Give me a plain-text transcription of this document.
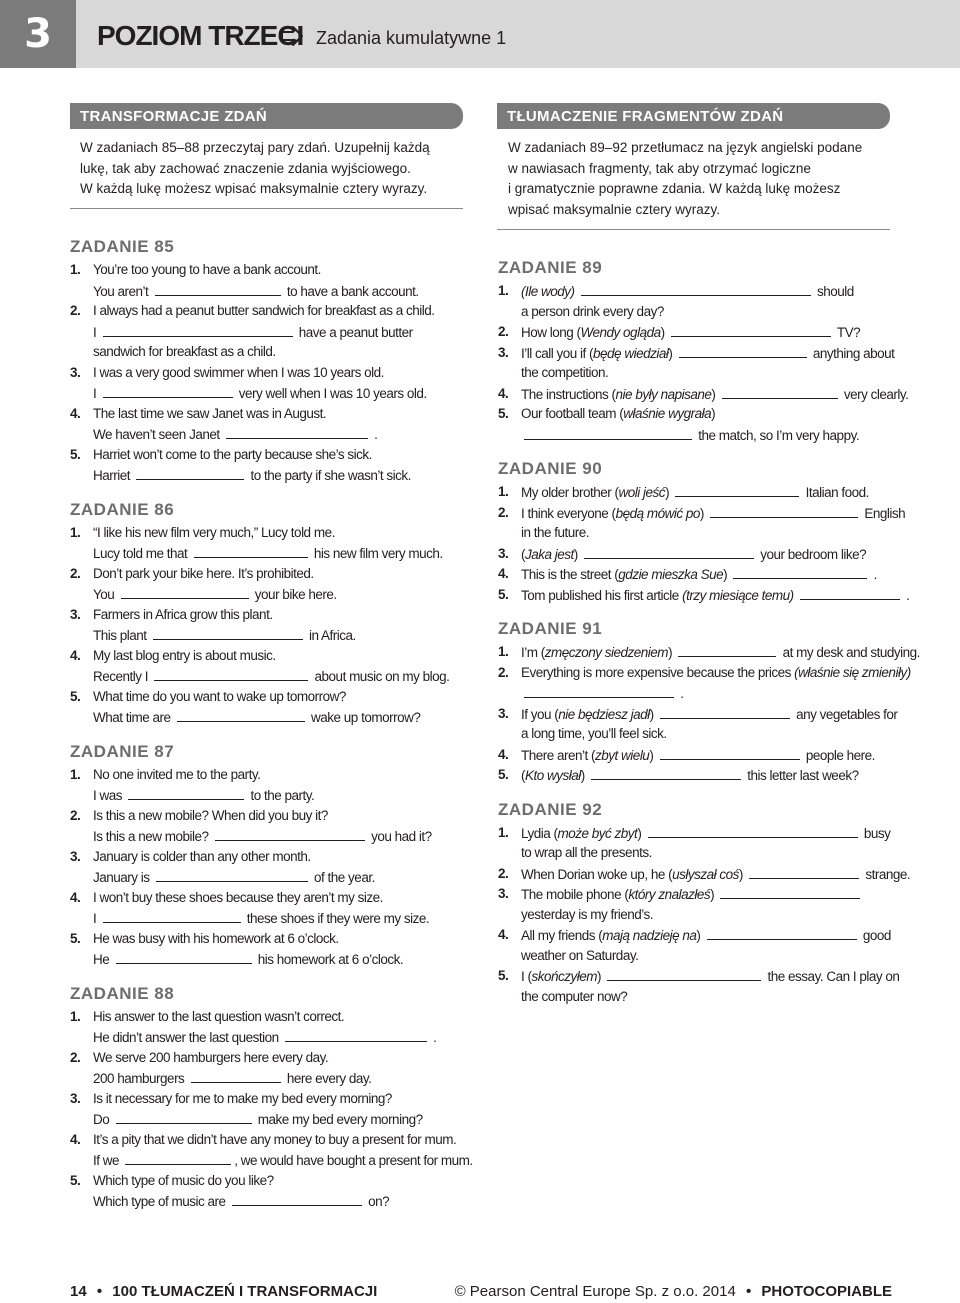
3	POZIOM TRZECI Zadania kumulatywne 1
TRANSFORMACJE ZDAŃ
W zadaniach 85–88 przeczytaj pary zdań. Uzupełnij każdą
lukę, tak aby zachować znaczenie zdania wyjściowego.
W każdą lukę możesz wpisać maksymalnie cztery wyrazy.
TŁUMACZENIE FRAGMENTÓW ZDAŃ
W zadaniach 89–92 przetłumacz na język angielski podane
w nawiasach fragmenty, tak aby otrzymać logiczne
i gramatycznie poprawne zdania. W każdą lukę możesz
wpisać maksymalnie cztery wyrazy.
ZADANIE 85
1. You’re too young to have a bank account.
You aren’t	to have a bank account.
2. I always had a peanut butter sandwich for breakfast as a child.
I	have a peanut butter
sandwich for breakfast as a child.
3. I was a very good swimmer when I was 10 years old.
I	very well when I was 10 years old.
4. The last time we saw Janet was in August.
We haven’t seen Janet	.
5. Harriet won’t come to the party because she’s sick.
Harriet	to the party if she wasn’t sick.
ZADANIE 86
1. “I like his new film very much,” Lucy told me.
Lucy told me that	his new film very much.
2. Don’t park your bike here. It’s prohibited.
You	your bike here.
3. Farmers in Africa grow this plant.
This plant	in Africa.
4. My last blog entry is about music.
Recently I	about music on my blog.
5. What time do you want to wake up tomorrow?
What time are	wake up tomorrow?
ZADANIE 87
1. No one invited me to the party.
I was	to the party.
2. Is this a new mobile? When did you buy it?
Is this a new mobile?	you had it?
3. January is colder than any other month.
January is	of the year.
4. I won’t buy these shoes because they aren’t my size.
I	these shoes if they were my size.
5. He was busy with his homework at 6 o’clock.
He	his homework at 6 o’clock.
ZADANIE 88
1. His answer to the last question wasn’t correct.
He didn’t answer the last question	.
2. We serve 200 hamburgers here every day.
200 hamburgers	here every day.
3. Is it necessary for me to make my bed every morning?
Do	make my bed every morning?
4. It’s a pity that we didn’t have any money to buy a present for mum.
If we	, we would have bought a present for mum.
5. Which type of music do you like?
Which type of music are	on?
ZADANIE 89
1. (Ile wody)	should
a person drink every day?
2. How long (Wendy ogląda)	TV?
3. I’ll call you if (będę wiedział)	anything about
the competition.
4. The instructions (nie były napisane)	very clearly.
5. Our football team (właśnie wygrała)
the match, so I’m very happy.
ZADANIE 90
1. My older brother (woli jeść)	Italian food.
2. I think everyone (będą mówić po)	English
in the future.
3. (Jaka jest)	your bedroom like?
4. This is the street (gdzie mieszka Sue)	.
5. Tom published his first article (trzy miesiące temu)	.
ZADANIE 91
1. I’m (zmęczony siedzeniem)	at my desk and studying.
2. Everything is more expensive because the prices (właśnie się zmieniły)
.
3. If you (nie będziesz jadł)	any vegetables for
a long time, you’ll feel sick.
4. There aren’t (zbyt wielu)	people here.
5. (Kto wysłał)	this letter last week?
ZADANIE 92
1. Lydia (może być zbyt)	busy
to wrap all the presents.
2. When Dorian woke up, he (usłyszał coś)	strange.
3. The mobile phone (który znalazłeś)
yesterday is my friend’s.
4. All my friends (mają nadzieję na)	good
weather on Saturday.
5. I (skończyłem)	the essay. Can I play on
the computer now?
14 • 100 TŁUMACZEŃ I TRANSFORMACJI	© Pearson Central Europe Sp. z o.o. 2014 • PHOTOCOPIABLE
